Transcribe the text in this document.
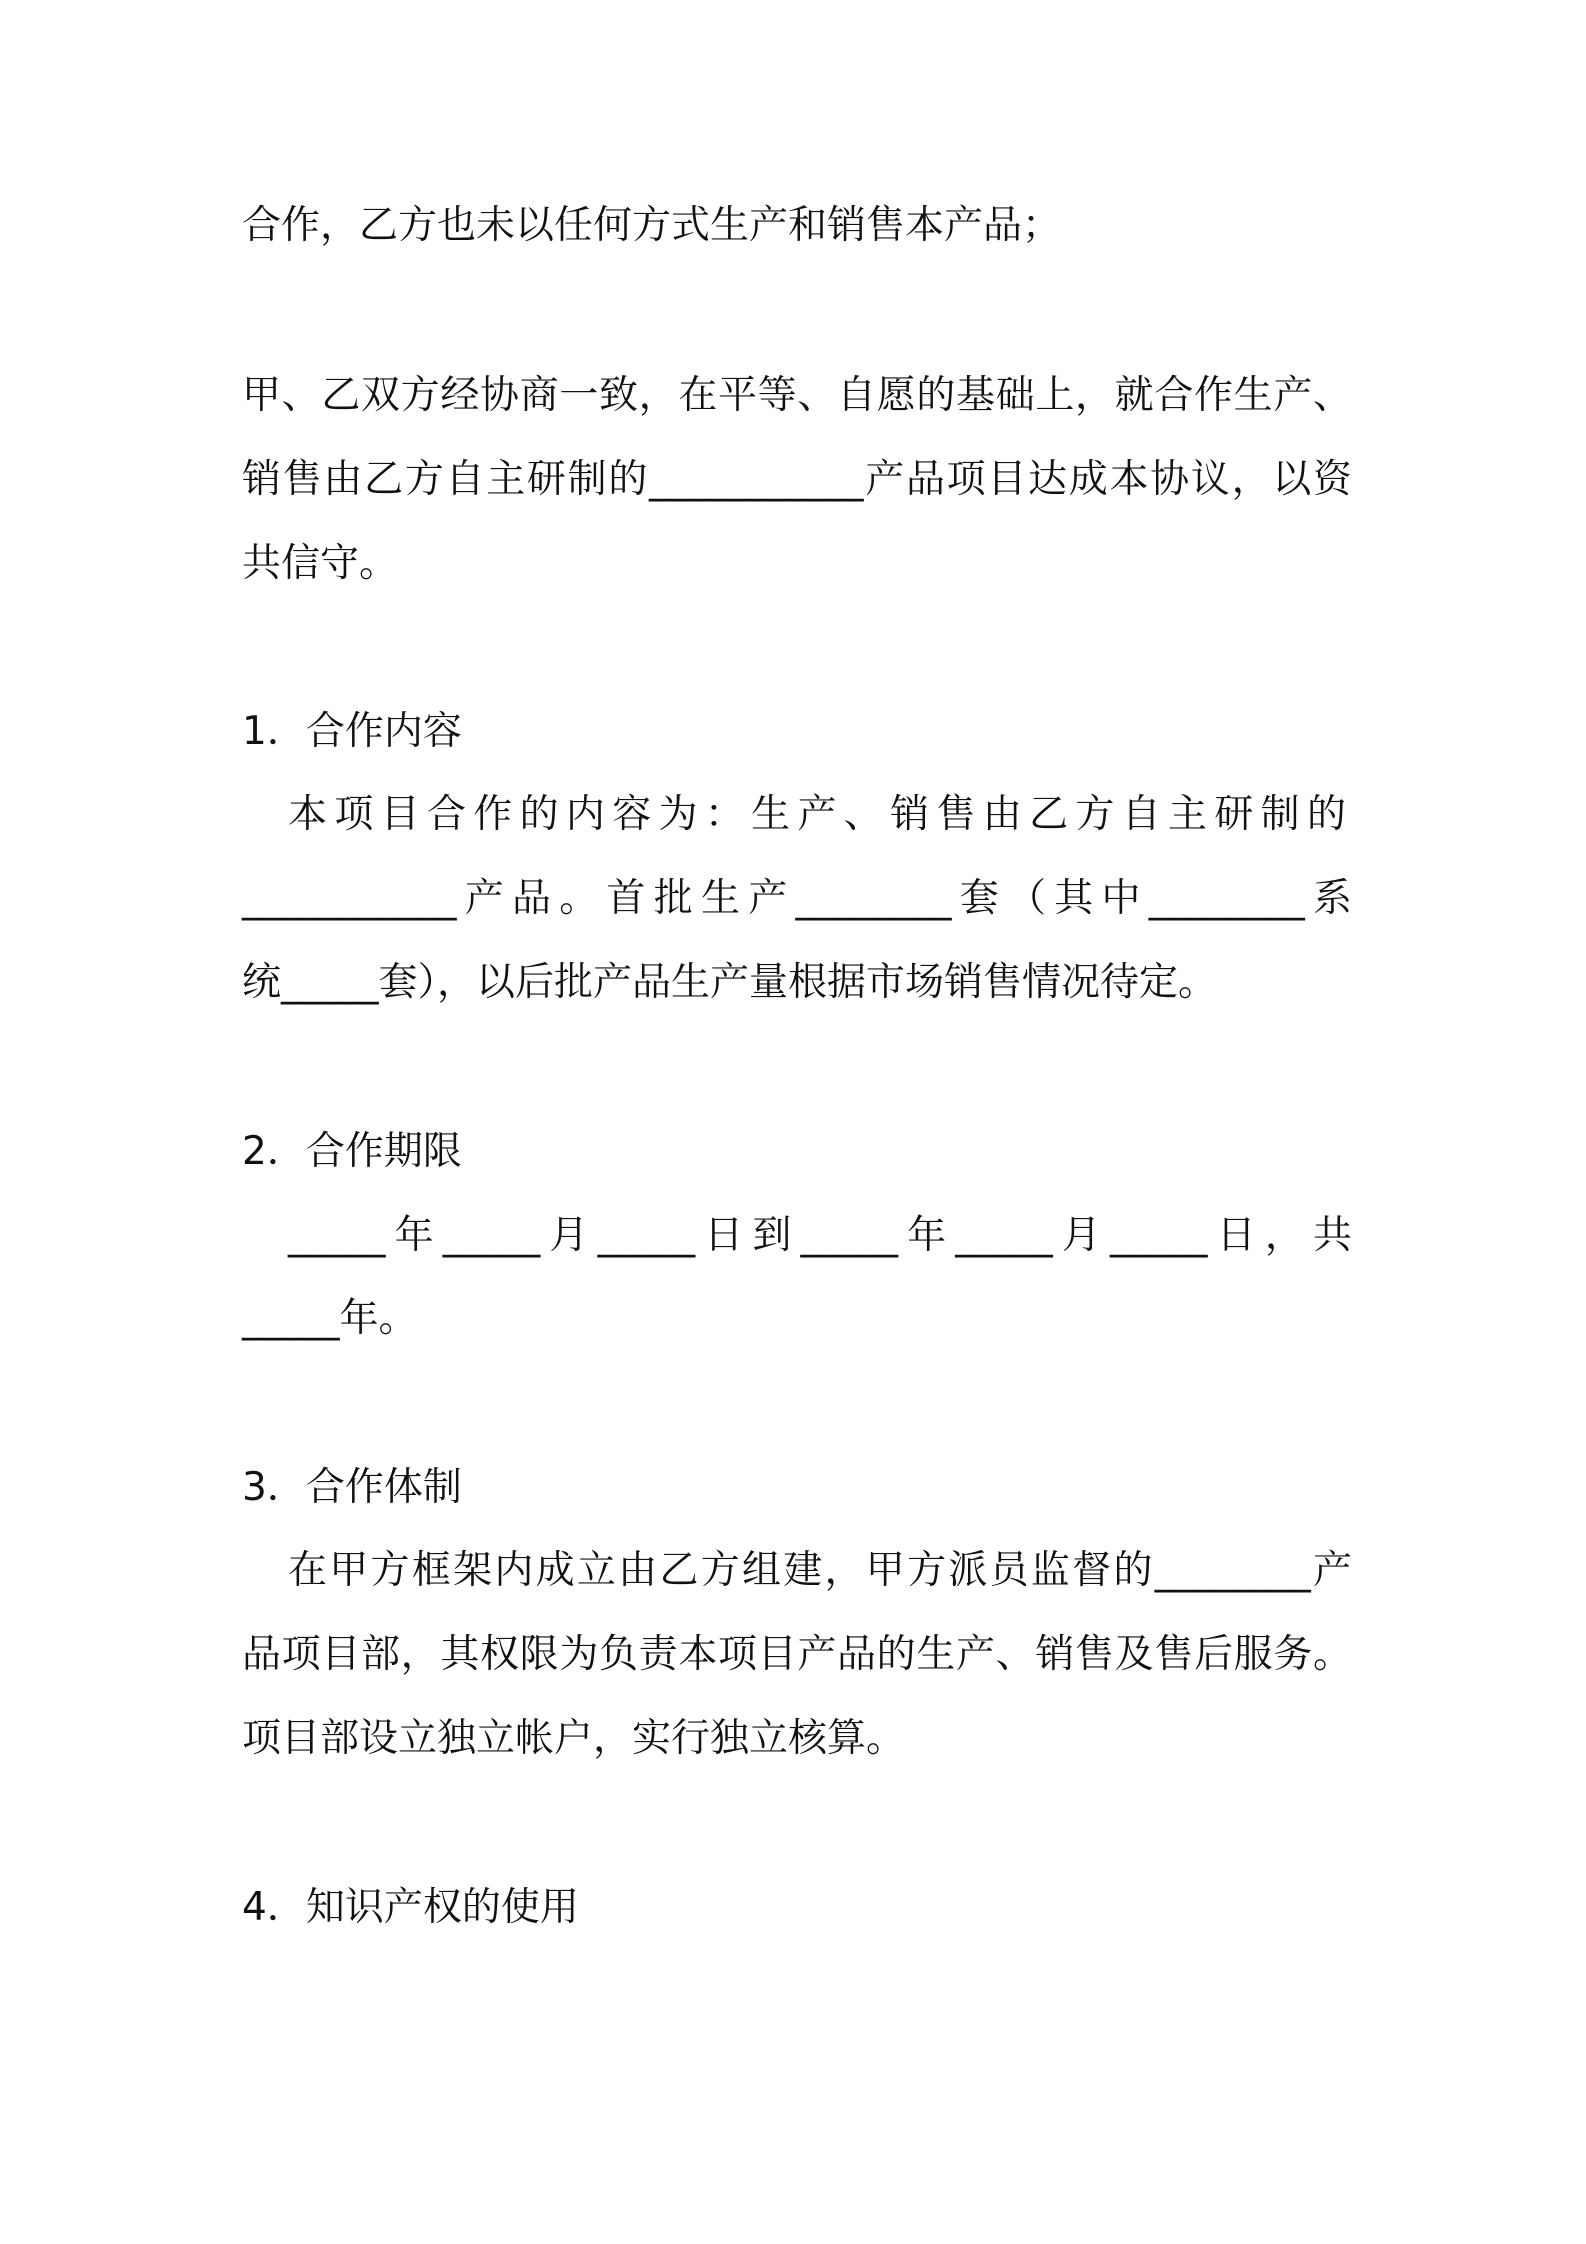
合作，乙方也未以任何方式生产和销售本产品；
甲、乙双方经协商一致，在平等、自愿的基础上，就合作生产、
销售由乙方自主研制的___________产品项目达成本协议，以资
共信守。
1．合作内容
本项目合作的内容为：生产、销售由乙方自主研制的
___________产品。首批生产________套（其中________系
统_____套），以后批产品生产量根据市场销售情况待定。
2．合作期限
_____年_____月_____日到_____年_____月_____日，共
_____年。
3．合作体制
在甲方框架内成立由乙方组建，甲方派员监督的________产
品项目部，其权限为负责本项目产品的生产、销售及售后服务。
项目部设立独立帐户，实行独立核算。
4．知识产权的使用
